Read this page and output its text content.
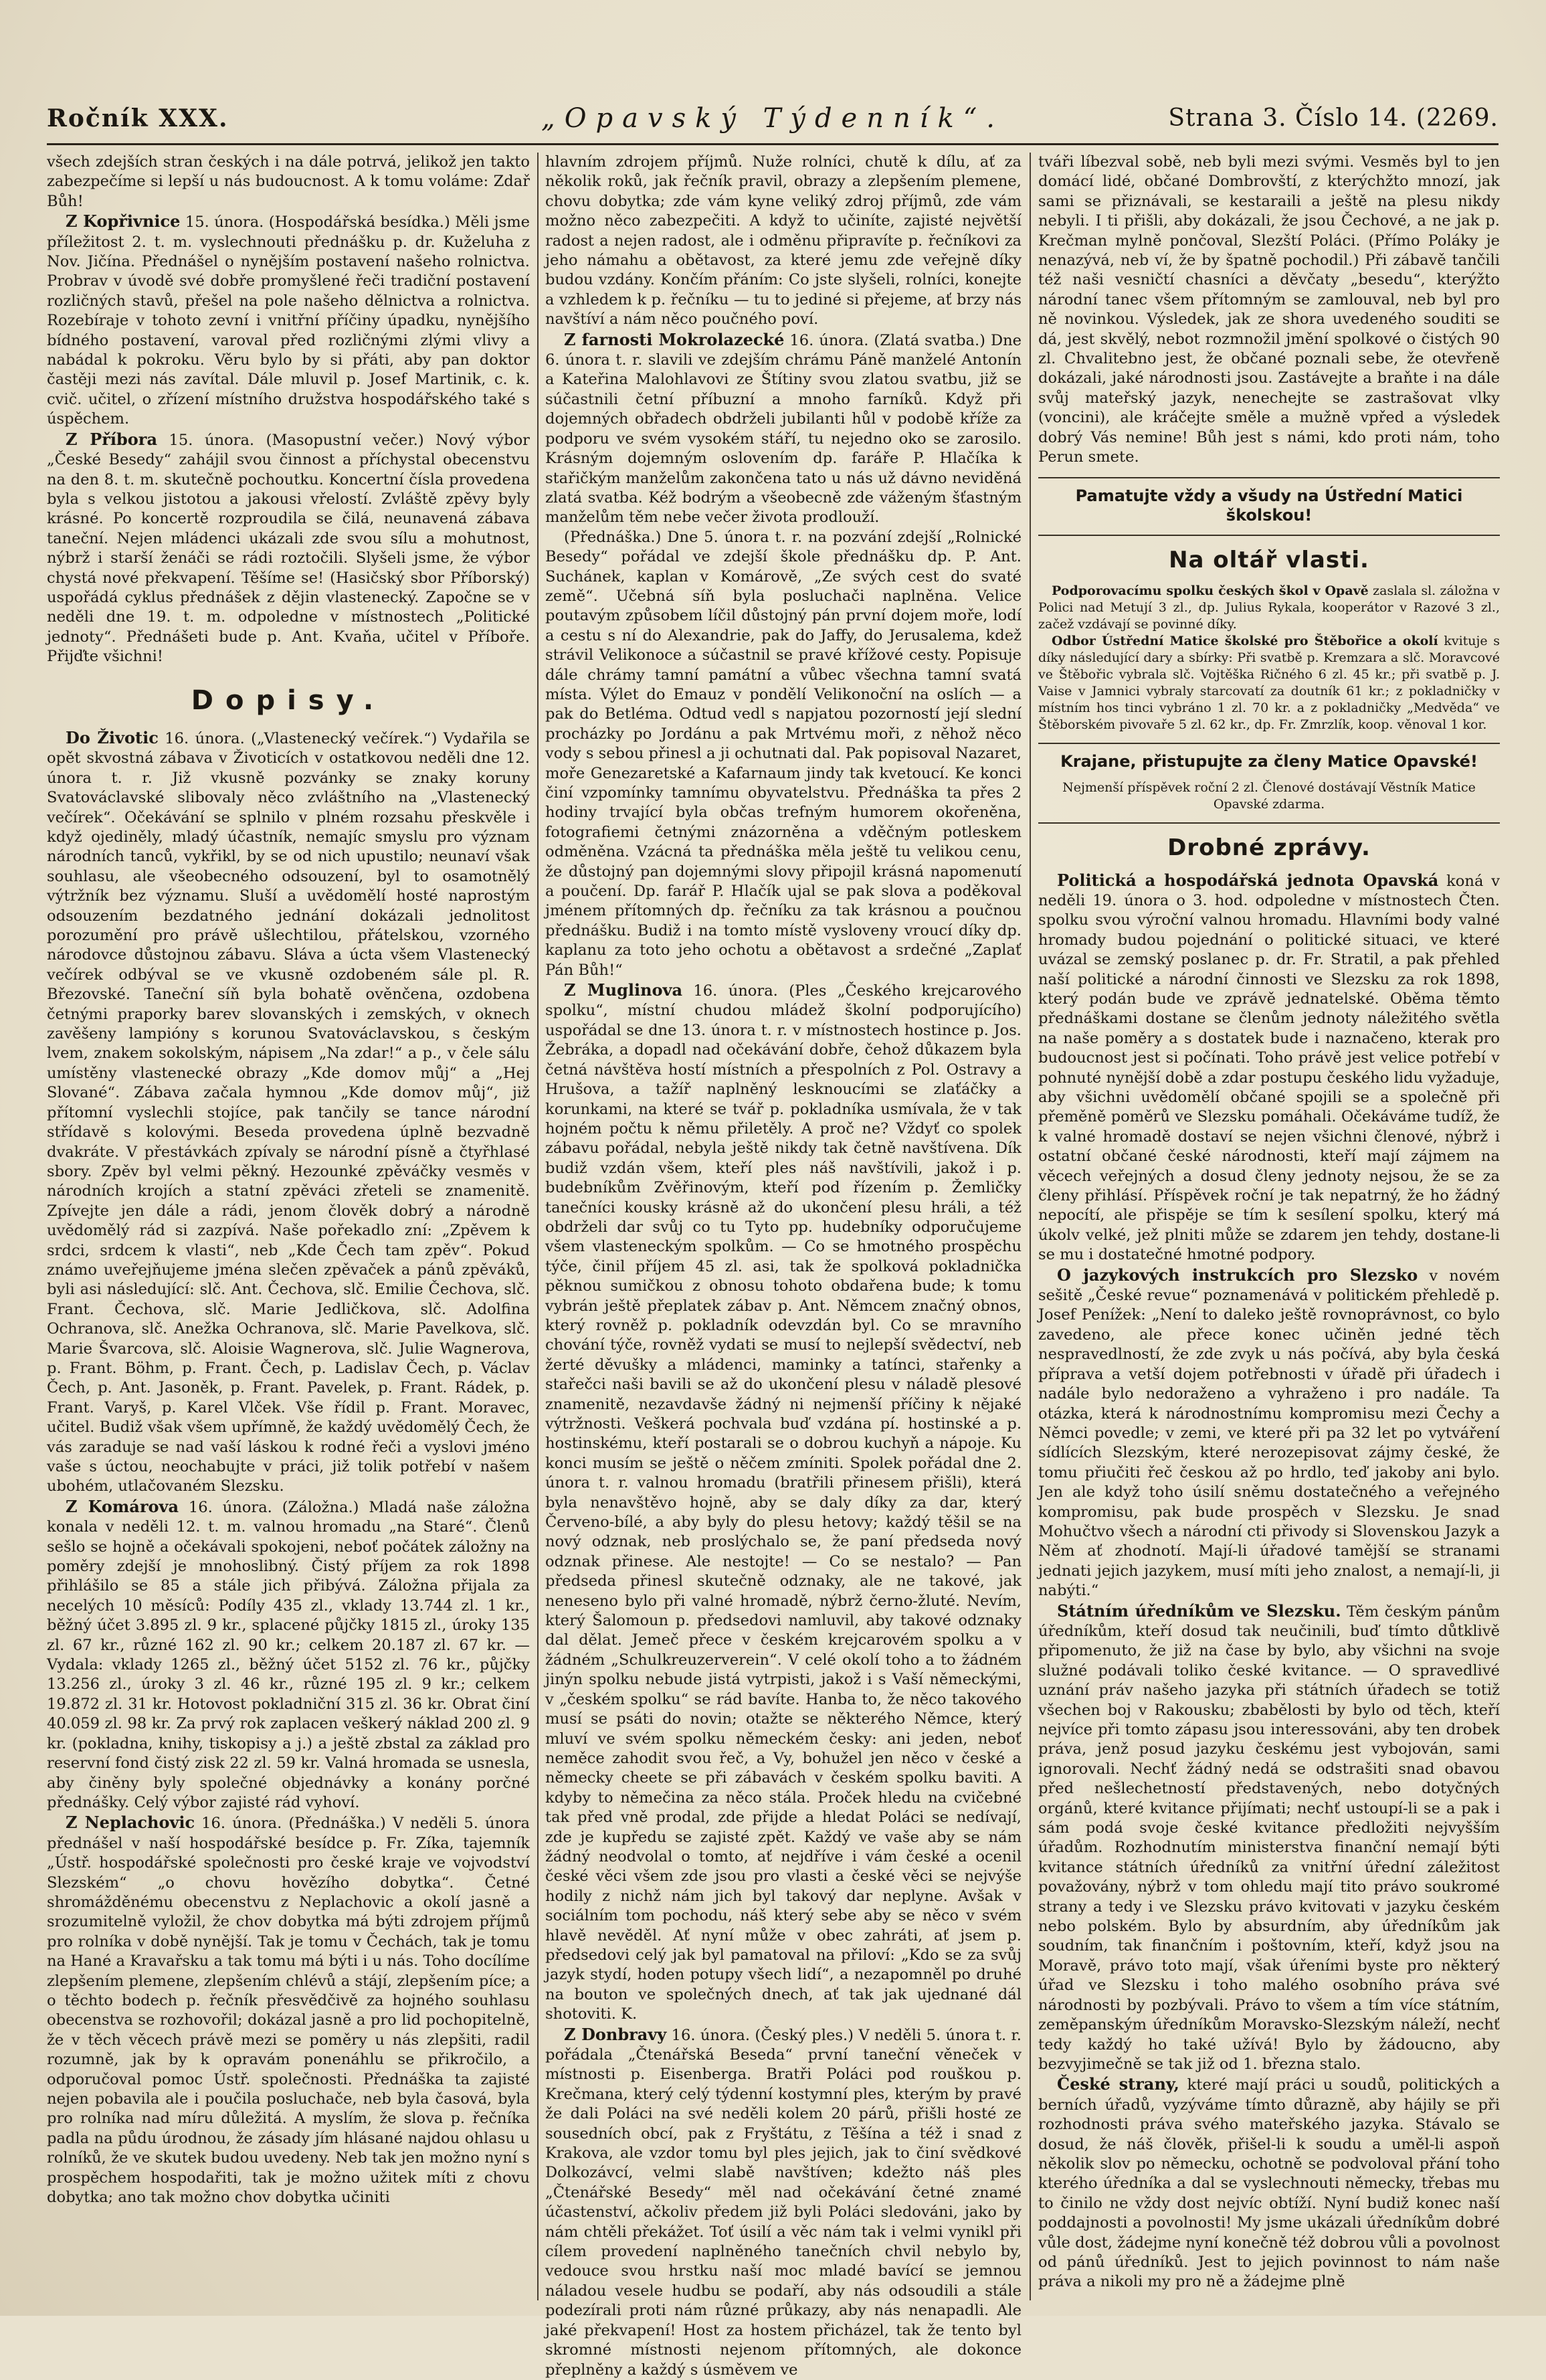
Ročník XXX.	„Opavský Týdenník“.	Strana 3. Číslo 14. (2269.

všech zdejších stran českých i na dále potrvá, jelikož jen takto zabezpečíme si lepší u nás budoucnost. A k tomu voláme: Zdař Bůh!

Z Kopřivnice 15. února. (Hospodářská besídka.) Měli jsme příležitost 2. t. m. vyslechnouti přednášku p. dr. Kuželuha z Nov. Jičína. Přednášel o nynějším postavení našeho rolnictva. Probrav v úvodě své dobře promyšlené řeči tradiční postavení rozličných stavů, přešel na pole našeho dělnictva a rolnictva. Rozebíraje v tohoto zevní i vnitřní příčiny úpadku, nynějšího bídného postavení, varoval před rozličnými zlými vlivy a nabádal k pokroku. Věru bylo by si přáti, aby pan doktor častěji mezi nás zavítal. Dále mluvil p. Josef Martinik, c. k. cvič. učitel, o zřízení místního družstva hospodářského také s úspěchem.

Z Příbora 15. února. (Masopustní večer.) Nový výbor „České Besedy“ zahájil svou činnost a příchystal obecenstvu na den 8. t. m. skutečně pochoutku. Koncertní čísla provedena byla s velkou jistotou a jakousi vřelostí. Zvláště zpěvy byly krásné. Po koncertě rozproudila se čilá, neunavená zábava taneční. Nejen mládenci ukázali zde svou sílu a mohutnost, nýbrž i starší ženáči se rádi roztočili. Slyšeli jsme, že výbor chystá nové překvapení. Těšíme se! (Hasičský sbor Příborský) uspořádá cyklus přednášek z dějin vlastenecký. Započne se v neděli dne 19. t. m. odpoledne v místnostech „Politické jednoty“. Přednášeti bude p. Ant. Kvaňa, učitel v Příboře. Přijďte všichni!

Dopisy.

Do Životic 16. února. („Vlastenecký večírek.“) Vydařila se opět skvostná zábava v Životicích v ostatkovou neděli dne 12. února t. r. Již vkusně pozvánky se znaky koruny Svatováclavské slibovaly něco zvláštního na „Vlastenecký večírek“. Očekávání se splnilo v plném rozsahu přeskvěle i když ojediněly, mladý účastník, nemajíc smyslu pro význam národních tanců, vykřikl, by se od nich upustilo; neunaví však souhlasu, ale všeobecného odsouzení, byl to osamotnělý výtržník bez významu. Sluší a uvědomělí hosté naprostým odsouzením bezdatného jednání dokázali jednolitost porozumění pro právě ušlechtilou, přátelskou, vzorného národovce důstojnou zábavu. Sláva a úcta všem Vlastenecký večírek odbýval se ve vkusně ozdobeném sále pl. R. Březovské. Taneční síň byla bohatě ověnčena, ozdobena četnými praporky barev slovanských i zemských, v oknech zavěšeny lampióny s korunou Svatováclavskou, s českým lvem, znakem sokolským, nápisem „Na zdar!“ a p., v čele sálu umístěny vlastenecké obrazy „Kde domov můj“ a „Hej Slované“. Zábava začala hymnou „Kde domov můj“, již přítomní vyslechli stojíce, pak tančily se tance národní střídavě s kolovými. Beseda provedena úplně bezvadně dvakráte. V přestávkách zpívaly se národní písně a čtyřhlasé sbory. Zpěv byl velmi pěkný. Hezounké zpěváčky vesměs v národních krojích a statní zpěváci zřeteli se znamenitě. Zpívejte jen dále a rádi, jenom člověk dobrý a národně uvědomělý rád si zazpívá. Naše pořekadlo zní: „Zpěvem k srdci, srdcem k vlasti“, neb „Kde Čech tam zpěv“. Pokud známo uveřejňujeme jména slečen zpěvaček a pánů zpěváků, byli asi následující: slč. Ant. Čechova, slč. Emilie Čechova, slč. Frant. Čechova, slč. Marie Jedličkova, slč. Adolfina Ochranova, slč. Anežka Ochranova, slč. Marie Pavelkova, slč. Marie Švarcova, slč. Aloisie Wagnerova, slč. Julie Wagnerova, p. Frant. Böhm, p. Frant. Čech, p. Ladislav Čech, p. Václav Čech, p. Ant. Jasoněk, p. Frant. Pavelek, p. Frant. Rádek, p. Frant. Varyš, p. Karel Vlček. Vše řídil p. Frant. Moravec, učitel. Budiž však všem upřímně, že každý uvědomělý Čech, že vás zaraduje se nad vaší láskou k rodné řeči a vyslovi jméno vaše s úctou, neochabujte v práci, již tolik potřebí v našem ubohém, utlačovaném Slezsku.

Z Komárova 16. února. (Záložna.) Mladá naše záložna konala v neděli 12. t. m. valnou hromadu „na Staré“. Členů sešlo se hojně a očekávali spokojeni, neboť počátek záložny na poměry zdejší je mnohoslibný. Čistý příjem za rok 1898 přihlášilo se 85 a stále jich přibývá. Záložna přijala za necelých 10 měsíců: Podíly 435 zl., vklady 13.744 zl. 1 kr., běžný účet 3.895 zl. 9 kr., splacené půjčky 1815 zl., úroky 135 zl. 67 kr., různé 162 zl. 90 kr.; celkem 20.187 zl. 67 kr. — Vydala: vklady 1265 zl., běžný účet 5152 zl. 76 kr., půjčky 13.256 zl., úroky 3 zl. 46 kr., různé 195 zl. 9 kr.; celkem 19.872 zl. 31 kr. Hotovost pokladniční 315 zl. 36 kr. Obrat činí 40.059 zl. 98 kr. Za prvý rok zaplacen veškerý náklad 200 zl. 9 kr. (pokladna, knihy, tiskopisy a j.) a ještě zbstal za základ pro reservní fond čistý zisk 22 zl. 59 kr. Valná hromada se usnesla, aby činěny byly společné objednávky a konány porčné přednášky. Celý výbor zajisté rád vyhoví.

Z Neplachovic 16. února. (Přednáška.) V neděli 5. února přednášel v naší hospodářské besídce p. Fr. Zíka, tajemník „Ústř. hospodářské společnosti pro české kraje ve vojvodství Slezském“ „o chovu hovězího dobytka“. Četné shromážděnému obecenstvu z Neplachovic a okolí jasně a srozumitelně vyložil, že chov dobytka má býti zdrojem příjmů pro rolníka v době nynější. Tak je tomu v Čechách, tak je tomu na Hané a Kravařsku a tak tomu má býti i u nás. Toho docílíme zlepšením plemene, zlepšením chlévů a stájí, zlepšením píce; a o těchto bodech p. řečník přesvědčivě za hojného souhlasu obecenstva se rozhovořil; dokázal jasně a pro lid pochopitelně, že v těch věcech právě mezi se poměry u nás zlepšiti, radil rozumně, jak by k opravám ponenáhlu se přikročilo, a odporučoval pomoc Ústř. společnosti. Přednáška ta zajisté nejen pobavila ale i poučila posluchače, neb byla časová, byla pro rolníka nad míru důležitá. A myslím, že slova p. řečníka padla na půdu úrodnou, že zásady jím hlásané najdou ohlasu u rolníků, že ve skutek budou uvedeny. Neb tak jen možno nyní s prospěchem hospodařiti, tak je možno užitek míti z chovu dobytka; ano tak možno chov dobytka učiniti

hlavním zdrojem příjmů. Nuže rolníci, chutě k dílu, ať za několik roků, jak řečník pravil, obrazy a zlepšením plemene, chovu dobytka; zde vám kyne veliký zdroj příjmů, zde vám možno něco zabezpečiti. A když to učiníte, zajisté největší radost a nejen radost, ale i odměnu připravíte p. řečníkovi za jeho námahu a obětavost, za které jemu zde veřejně díky budou vzdány. Končím přáním: Co jste slyšeli, rolníci, konejte a vzhledem k p. řečníku — tu to jediné si přejeme, ať brzy nás navštíví a nám něco poučného poví.

Z farnosti Mokrolazecké 16. února. (Zlatá svatba.) Dne 6. února t. r. slavili ve zdejším chrámu Páně manželé Antonín a Kateřina Malohlavovi ze Štítiny svou zlatou svatbu, již se súčastnili četní příbuzní a mnoho farníků. Když při dojemných obřadech obdrželi jubilanti hůl v podobě kříže za podporu ve svém vysokém stáří, tu nejedno oko se zarosilo. Krásným dojemným oslovením dp. faráře P. Hlačíka k stařičkým manželům zakončena tato u nás už dávno neviděná zlatá svatba. Kéž bodrým a všeobecně zde váženým šťastným manželům těm nebe večer života prodlouží.

(Přednáška.) Dne 5. února t. r. na pozvání zdejší „Rolnické Besedy“ pořádal ve zdejší škole přednášku dp. P. Ant. Suchánek, kaplan v Komárově, „Ze svých cest do svaté země“. Učebná síň byla posluchači naplněna. Velice poutavým způsobem líčil důstojný pán první dojem moře, lodí a cestu s ní do Alexandrie, pak do Jaffy, do Jerusalema, kdež strávil Velikonoce a súčastnil se pravé křížové cesty. Popisuje dále chrámy tamní památní a vůbec všechna tamní svatá místa. Výlet do Emauz v pondělí Velikonoční na oslích — a pak do Betléma. Odtud vedl s napjatou pozorností její slední procházky po Jordánu a pak Mrtvému moři, z něhož něco vody s sebou přinesl a ji ochutnati dal. Pak popisoval Nazaret, moře Genezaretské a Kafarnaum jindy tak kvetoucí. Ke konci činí vzpomínky tamnímu obyvatelstvu. Přednáška ta přes 2 hodiny trvající byla občas trefným humorem okořeněna, fotografiemi četnými znázorněna a vděčným potleskem odměněna. Vzácná ta přednáška měla ještě tu velikou cenu, že důstojný pan dojemnými slovy připojil krásná napomenutí a poučení. Dp. farář P. Hlačík ujal se pak slova a poděkoval jménem přítomných dp. řečníku za tak krásnou a poučnou přednášku. Budiž i na tomto místě vysloveny vroucí díky dp. kaplanu za toto jeho ochotu a obětavost a srdečné „Zaplať Pán Bůh!“

Z Muglinova 16. února. (Ples „Českého krejcarového spolku“, místní chudou mládež školní podporujícího) uspořádal se dne 13. února t. r. v místnostech hostince p. Jos. Žebráka, a dopadl nad očekávání dobře, čehož důkazem byla četná návštěva hostí místních a přespolních z Pol. Ostravy a Hrušova, a tažíř naplněný lesknoucími se zlaťáčky a korunkami, na které se tvář p. pokladníka usmívala, že v tak hojném počtu k němu přiletěly. A proč ne? Vždyť co spolek zábavu pořádal, nebyla ještě nikdy tak četně navštívena. Dík budiž vzdán všem, kteří ples náš navštívili, jakož i p. budebníkům Zvěřinovým, kteří pod řízením p. Žemličky tanečníci kousky krásně až do ukončení plesu hráli, a též obdrželi dar svůj co tu Tyto pp. hudebníky odporučujeme všem vlasteneckým spolkům. — Co se hmotného prospěchu týče, činil příjem 45 zl. asi, tak že spolková pokladnička pěknou sumičkou z obnosu tohoto obdařena bude; k tomu vybrán ještě přeplatek zábav p. Ant. Němcem značný obnos, který rovněž p. pokladník odevzdán byl. Co se mravního chování týče, rovněž vydati se musí to nejlepší svědectví, neb žerté děvušky a mládenci, maminky a tatínci, stařenky a stařečci naši bavili se až do ukončení plesu v náladě plesové znamenitě, nezavdavše žádný ni nejmenší příčiny k nějaké výtržnosti. Veškerá pochvala buď vzdána pí. hostinské a p. hostinskému, kteří postarali se o dobrou kuchyň a nápoje. Ku konci musím se ještě o něčem zmíniti. Spolek pořádal dne 2. února t. r. valnou hromadu (bratřili přinesem přišli), která byla nenavštěvo hojně, aby se daly díky za dar, který Červeno-bílé, a aby byly do plesu hetovy; každý těšil se na nový odznak, neb proslýchalo se, že paní předseda nový odznak přinese. Ale nestojte! — Co se nestalo? — Pan předseda přinesl skutečně odznaky, ale ne takové, jak neneseno bylo při valné hromadě, nýbrž černo-žluté. Nevím, který Šalomoun p. předsedovi namluvil, aby takové odznaky dal dělat. Jemeč přece v českém krejcarovém spolku a v žádném „Schulkreuzerverein“. V celé okolí toho a to žádném jinýn spolku nebude jistá vytrpisti, jakož i s Vaší německými, v „českém spolku“ se rád bavíte. Hanba to, že něco takového musí se psáti do novin; otažte se některého Němce, který mluví ve svém spolku německém česky: ani jeden, neboť neměce zahodit svou řeč, a Vy, bohužel jen něco v české a německy cheete se při zábavách v českém spolku baviti. A kdyby to němečina za něco stála. Proček hledu na cvičebné tak před vně prodal, zde přijde a hledat Poláci se nedívají, zde je kupředu se zajisté zpět. Každý ve vaše aby se nám žádný neodvolal o tomto, ať nejdříve i vám české a ocenil české věci všem zde jsou pro vlasti a české věci se nejvýše hodily z nichž nám jich byl takový dar neplyne. Avšak v sociálním tom pochodu, náš který sebe aby se něco v svém hlavě nevěděl. Ať nyní může v obec zahráti, ať jsem p. předsedovi celý jak byl pamatoval na přiloví: „Kdo se za svůj jazyk stydí, hoden potupy všech lidí“, a nezapomněl po druhé na bouton ve společných dnech, ať tak jak ujednané dál shotoviti. K.

Z Donbravy 16. února. (Český ples.) V neděli 5. února t. r. pořádala „Čtenářská Beseda“ první taneční věneček v místnosti p. Eisenberga. Bratři Poláci pod rouškou p. Krečmana, který celý týdenní kostymní ples, kterým by pravé že dali Poláci na své neděli kolem 20 párů, přišli hosté ze sousedních obcí, pak z Fryštátu, z Těšína a též i snad z Krakova, ale vzdor tomu byl ples jejich, jak to činí svědkové Dolkozávcí, velmi slabě navštíven; kdežto náš ples „Čtenářské Besedy“ měl nad očekávání četné znamé účastenství, ačkoliv předem již byli Poláci sledováni, jako by nám chtěli překážet. Toť úsilí a věc nám tak i velmi vynikl při cílem provedení naplněného tanečních chvil nebylo by, vedouce svou hrstku naší moc mladé bavící se jemnou náladou vesele hudbu se podaří, aby nás odsoudili a stále podezírali proti nám různé průkazy, aby nás nenapadli. Ale jaké překvapení! Host za hostem přicházel, tak že tento byl skromné místnosti nejenom přítomných, ale dokonce přeplněny a každý s úsměvem ve

tváři líbezval sobě, neb byli mezi svými. Vesměs byl to jen domácí lidé, občané Dombrovští, z kterýchžto mnozí, jak sami se přiznávali, se kestaraili a ještě na plesu nikdy nebyli. I ti přišli, aby dokázali, že jsou Čechové, a ne jak p. Krečman mylně pončoval, Slezští Poláci. (Přímo Poláky je nenazývá, neb ví, že by špatně pochodil.) Při zábavě tančili též naši vesničtí chasníci a děvčaty „besedu“, kterýžto národní tanec všem přítomným se zamlouval, neb byl pro ně novinkou. Výsledek, jak ze shora uvedeného souditi se dá, jest skvělý, nebot rozmnožil jmění spolkové o čistých 90 zl. Chvalitebno jest, že občané poznali sebe, že otevřeně dokázali, jaké národnosti jsou. Zastávejte a braňte i na dále svůj mateřský jazyk, nenechejte se zastrašovat vlky (voncini), ale kráčejte směle a mužně vpřed a výsledek dobrý Vás nemine! Bůh jest s námi, kdo proti nám, toho Perun smete.

Pamatujte vždy a všudy na Ústřední Matici školskou!
Na oltář vlasti.

Podporovacímu spolku českých škol v Opavě zaslala sl. záložna v Polici nad Metují 3 zl., dp. Julius Rykala, kooperátor v Razové 3 zl., začež vzdávají se povinné díky.

Odbor Ústřední Matice školské pro Štěbořice a okolí kvituje s díky následující dary a sbírky: Při svatbě p. Kremzara a slč. Moravcové ve Štěbořic vybrala slč. Vojtěška Ričného 6 zl. 45 kr.; při svatbě p. J. Vaise v Jamnici vybraly starcovatí za doutník 61 kr.; z pokladničky v místním hos tinci vybráno 1 zl. 70 kr. a z pokladničky „Medvěda“ ve Štěborském pivovaře 5 zl. 62 kr., dp. Fr. Zmrzlík, koop. věnoval 1 kor.

Krajane, přistupujte za členy Matice Opavské!
Nejmenší příspěvek roční 2 zl. Členové dostávají Věstník Matice Opavské zdarma.
Drobné zprávy.

Politická a hospodářská jednota Opavská koná v neděli 19. února o 3. hod. odpoledne v místnostech Čten. spolku svou výroční valnou hromadu. Hlavními body valné hromady budou pojednání o politické situaci, ve které uvázal se zemský poslanec p. dr. Fr. Stratil, a pak přehled naší politické a národní činnosti ve Slezsku za rok 1898, který podán bude ve zprávě jednatelské. Oběma těmto přednáškami dostane se členům jednoty náležitého světla na naše poměry a s dostatek bude i naznačeno, kterak pro budoucnost jest si počínati. Toho právě jest velice potřebí v pohnuté nynější době a zdar postupu českého lidu vyžaduje, aby všichni uvědomělí občané spojili se a společně při přeměně poměrů ve Slezsku pomáhali. Očekáváme tudíž, že k valné hromadě dostaví se nejen všichni členové, nýbrž i ostatní občané české národnosti, kteří mají zájmem na věcech veřejných a dosud členy jednoty nejsou, že se za členy přihlásí. Příspěvek roční je tak nepatrný, že ho žádný nepocítí, ale přispěje se tím k sesílení spolku, který má úkolv velké, jež plniti může se zdarem jen tehdy, dostane-li se mu i dostatečné hmotné podpory.

O jazykových instrukcích pro Slezsko v novém sešitě „České revue“ poznamenává v politickém přehledě p. Josef Penížek: „Není to daleko ještě rovnoprávnost, co bylo zavedeno, ale přece konec učiněn jedné těch nespravedlností, že zde zvyk u nás počívá, aby byla česká příprava a vetší dojem potřebnosti v úřadě při úřadech i nadále bylo nedoraženo a vyhraženo i pro nadále. Ta otázka, která k národnostnímu kompromisu mezi Čechy a Němci povedle; v zemi, ve které při pa 32 let po vytváření sídlících Slezským, které nerozepisovat zájmy české, že tomu přiučiti řeč českou až po hrdlo, teď jakoby ani bylo. Jen ale když toho úsilí sněmu dostatečného a veřejného kompromisu, pak bude prospěch v Slezsku. Je snad Mohučtvo všech a národní cti přivody si Slovenskou Jazyk a Něm ať zhodnotí. Mají-li úřadové tamější se stranami jednati jejich jazykem, musí míti jeho znalost, a nemají-li, ji nabýti.“

Státním úředníkům ve Slezsku. Těm českým pánům úředníkům, kteří dosud tak neučinili, buď tímto důtklivě připomenuto, že již na čase by bylo, aby všichni na svoje služné podávali tolikо české kvitance. — O spravedlivé uznání práv našeho jazyka při státních úřadech se totiž všechen boj v Rakousku; zbabělosti by bylo od těch, kteří nejvíce při tomto zápasu jsou interessováni, aby ten drobek práva, jenž posud jazyku českému jest vybojován, sami ignorovali. Nechť žádný nedá se odstrašiti snad obavou před nešlechetností představených, nebo dotyčných orgánů, které kvitance přijímati; nechť ustoupí-li se a pak i sám podá svoje české kvitance předložiti nejvyšším úřadům. Rozhodnutím ministerstva finanční nemají býti kvitance státních úředníků za vnitřní úřední záležitost považovány, nýbrž v tom ohledu mají tito právo soukromé strany a tedy i ve Slezsku právo kvitovati v jazyku českém nebo polském. Bylo by absurdním, aby úředníkům jak soudním, tak finančním i poštovním, kteří, když jsou na Moravě, právo toto mají, však úřeními byste pro některý úřad ve Slezsku i toho malého osobního práva své národnosti by pozbývali. Právo to všem a tím více státním, zeměpanským úředníkům Moravsko-Slezským náleží, nechť tedy každý ho také užívá! Bylo by žádoucno, aby bezvyjimečně se tak již od 1. března stalo.

České strany, které mají práci u soudů, politických a berních úřadů, vyzýváme tímto důrazně, aby hájily se při rozhodnosti práva svého mateřského jazyka. Stávalo se dosud, že náš člověk, přišel-li k soudu a uměl-li aspoň několik slov po německu, ochotně se podvoloval přání toho kterého úředníka a dal se vyslechnouti německy, třebas mu to činilo ne vždy dost nejvíc obtíží. Nyní budiž konec naší poddajnosti a povolnosti! My jsme ukázali úředníkům dobré vůle dost, žádejme nyní konečně též dobrou vůli a povolnost od pánů úředníků. Jest to jejich povinnost to nám naše práva a nikoli my pro ně a žádejme plně
